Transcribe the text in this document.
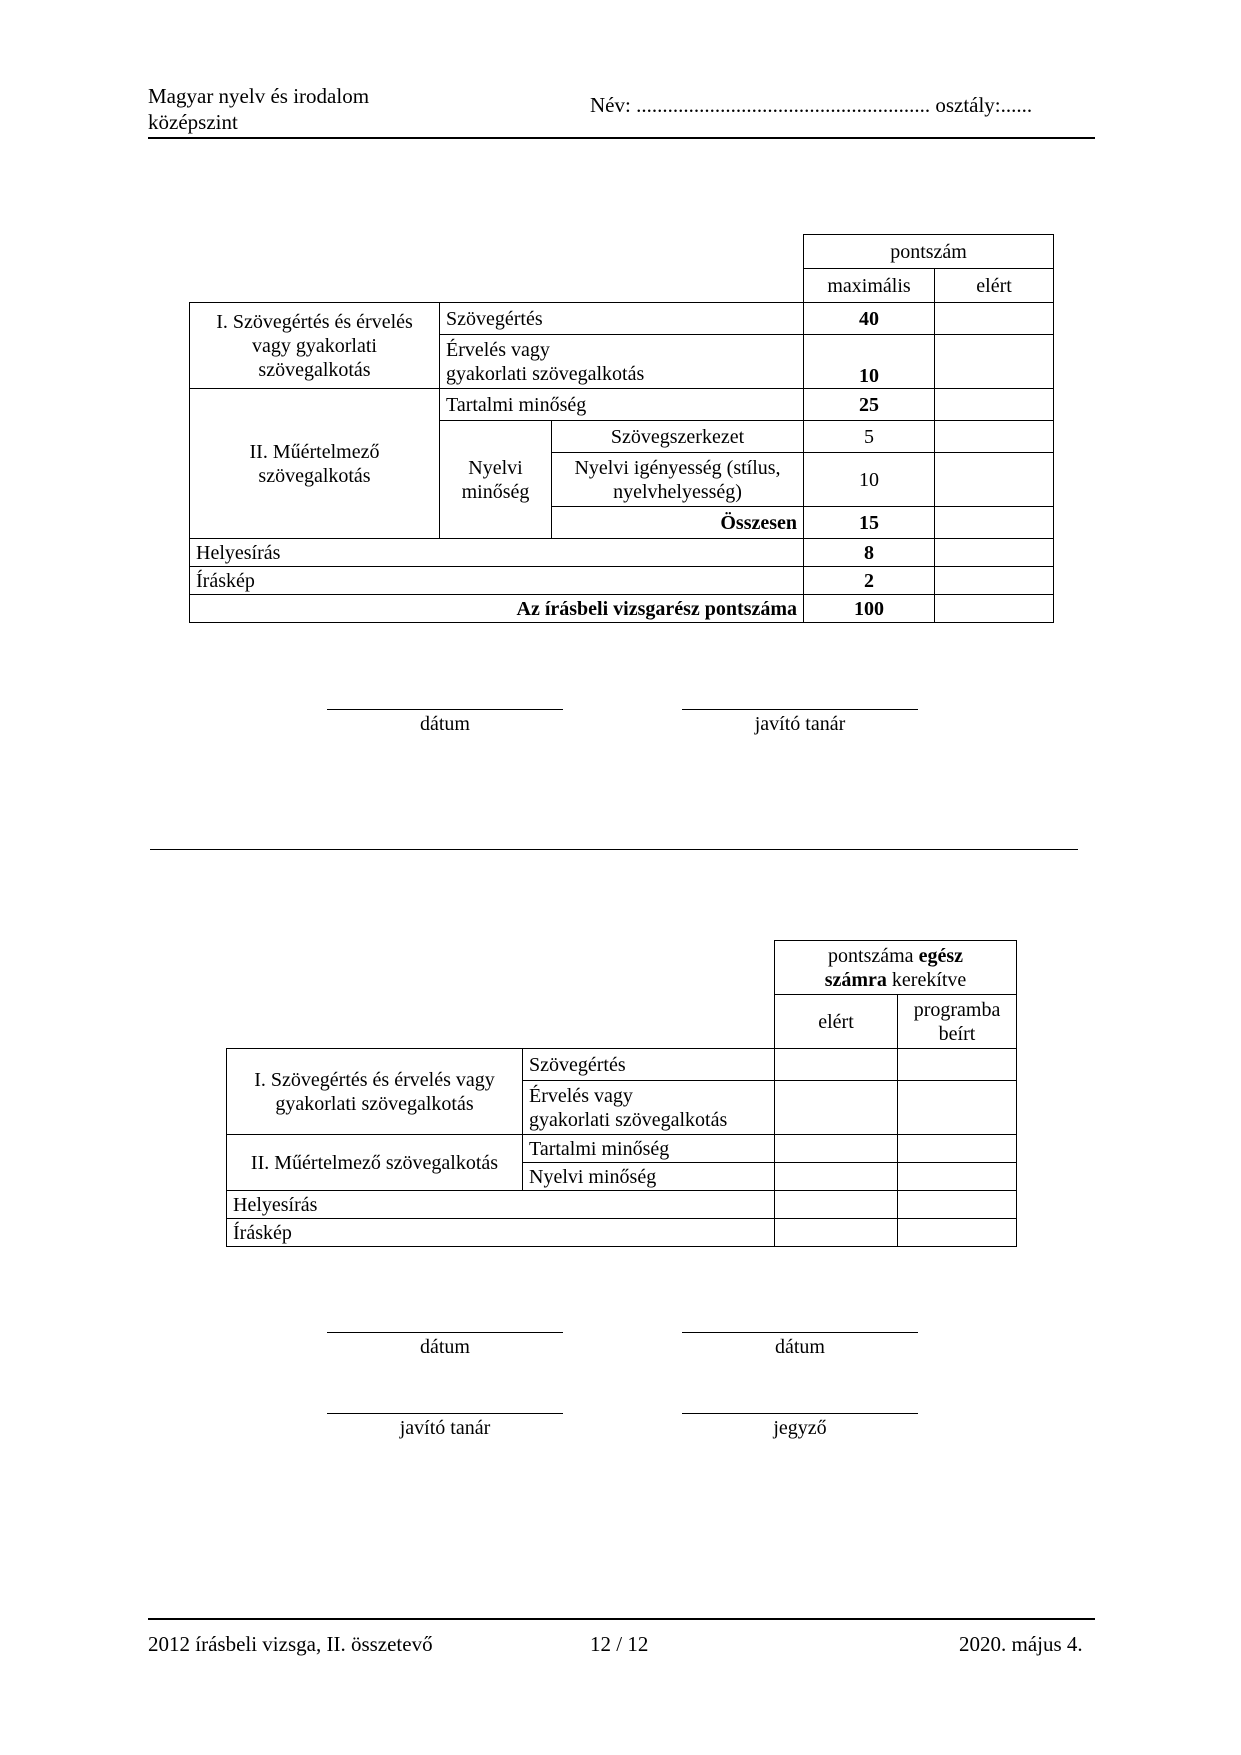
Magyar nyelv és irodalom
középszint
Név: ........................................................ osztály:......
			pontszám	
			maximális	elért
I. Szövegértés és érvelés vagy gyakorlati szövegalkotás	Szövegértés		40	

	Érvelés vagy
gyakorlati szövegalkotás		10	
II. Műértelmező szövegalkotás	Tartalmi minőség		25	
	Nyelvi minőség	Szövegszerkezet	5	
		Nyelvi igényesség (stílus, nyelvhelyesség)	10	
		Összesen	15	

Helyesírás			8	
Íráskép			2	
Az írásbeli vizsgarész pontszáma			100	
dátum	javító tanár
		pontszáma egész
számra kerekítve	
		elért	programba
beírt

I. Szövegértés és érvelés vagy gyakorlati szövegalkotás	Szövegértés		

	Érvelés vagy
gyakorlati szövegalkotás		

II. Műértelmező szövegalkotás	Tartalmi minőség		
	Nyelvi minőség		
Helyesírás			
Íráskép			
dátum	dátum
javító tanár	jegyző
2012 írásbeli vizsga, II. összetevő	12 / 12	2020. május 4.
